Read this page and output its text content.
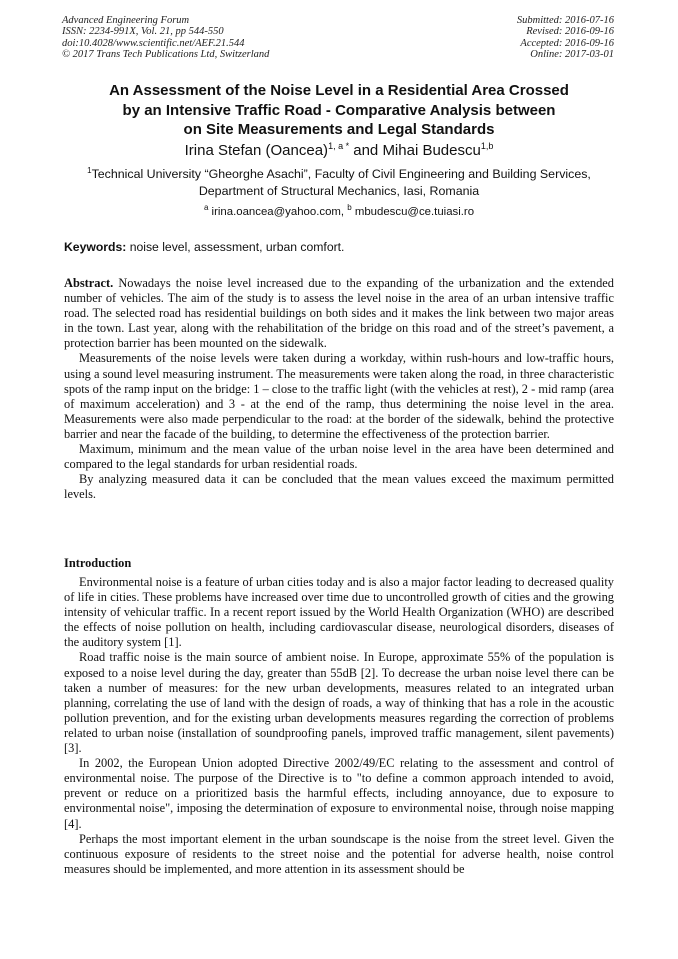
Advanced Engineering Forum
ISSN: 2234-991X, Vol. 21, pp 544-550
doi:10.4028/www.scientific.net/AEF.21.544
© 2017 Trans Tech Publications Ltd, Switzerland
Submitted: 2016-07-16
Revised: 2016-09-16
Accepted: 2016-09-16
Online: 2017-03-01
An Assessment of the Noise Level in a Residential Area Crossed
by an Intensive Traffic Road - Comparative Analysis between
on Site Measurements and Legal Standards
Irina Stefan (Oancea)$^{1, a *}$ and Mihai Budescu$^{1,b}$
$^1$Technical University “Gheorghe Asachi”, Faculty of Civil Engineering and Building Services,
Department of Structural Mechanics, Iasi, Romania
$^a$ irina.oancea@yahoo.com, $^b$ mbudescu@ce.tuiasi.ro
Keywords: noise level, assessment, urban comfort.

Abstract. Nowadays the noise level increased due to the expanding of the urbanization and the extended number of vehicles. The aim of the study is to assess the level noise in the area of an urban intensive traffic road. The selected road has residential buildings on both sides and it makes the link between two major areas in the town. Last year, along with the rehabilitation of the bridge on this road and of the street’s pavement, a protection barrier has been mounted on the sidewalk.

Measurements of the noise levels were taken during a workday, within rush-hours and low-traffic hours, using a sound level measuring instrument. The measurements were taken along the road, in three characteristic spots of the ramp input on the bridge: 1 – close to the traffic light (with the vehicles at rest), 2 - mid ramp (area of maximum acceleration) and 3 - at the end of the ramp, thus determining the noise level in the area. Measurements were also made perpendicular to the road: at the border of the sidewalk, behind the protective barrier and near the facade of the building, to determine the effectiveness of the protection barrier.

Maximum, minimum and the mean value of the urban noise level in the area have been determined and compared to the legal standards for urban residential roads.

By analyzing measured data it can be concluded that the mean values exceed the maximum permitted levels.

Introduction

Environmental noise is a feature of urban cities today and is also a major factor leading to decreased quality of life in cities. These problems have increased over time due to uncontrolled growth of cities and the growing intensity of vehicular traffic. In a recent report issued by the World Health Organization (WHO) are described the effects of noise pollution on health, including cardiovascular disease, neurological disorders, diseases of the auditory system [1].

Road traffic noise is the main source of ambient noise. In Europe, approximate 55% of the population is exposed to a noise level during the day, greater than 55dB [2]. To decrease the urban noise level there can be taken a number of measures: for the new urban developments, measures related to an integrated urban planning, correlating the use of land with the design of roads, a way of thinking that has a role in the acoustic pollution prevention, and for the existing urban developments measures regarding the correction of problems related to urban noise (installation of soundproofing panels, improved traffic management, silent pavements) [3].

In 2002, the European Union adopted Directive 2002/49/EC relating to the assessment and control of environmental noise. The purpose of the Directive is to "to define a common approach intended to avoid, prevent or reduce on a prioritized basis the harmful effects, including annoyance, due to exposure to environmental noise", imposing the determination of exposure to environmental noise, through noise mapping [4].

Perhaps the most important element in the urban soundscape is the noise from the street level. Given the continuous exposure of residents to the street noise and the potential for adverse health, noise control measures should be implemented, and more attention in its assessment should be
